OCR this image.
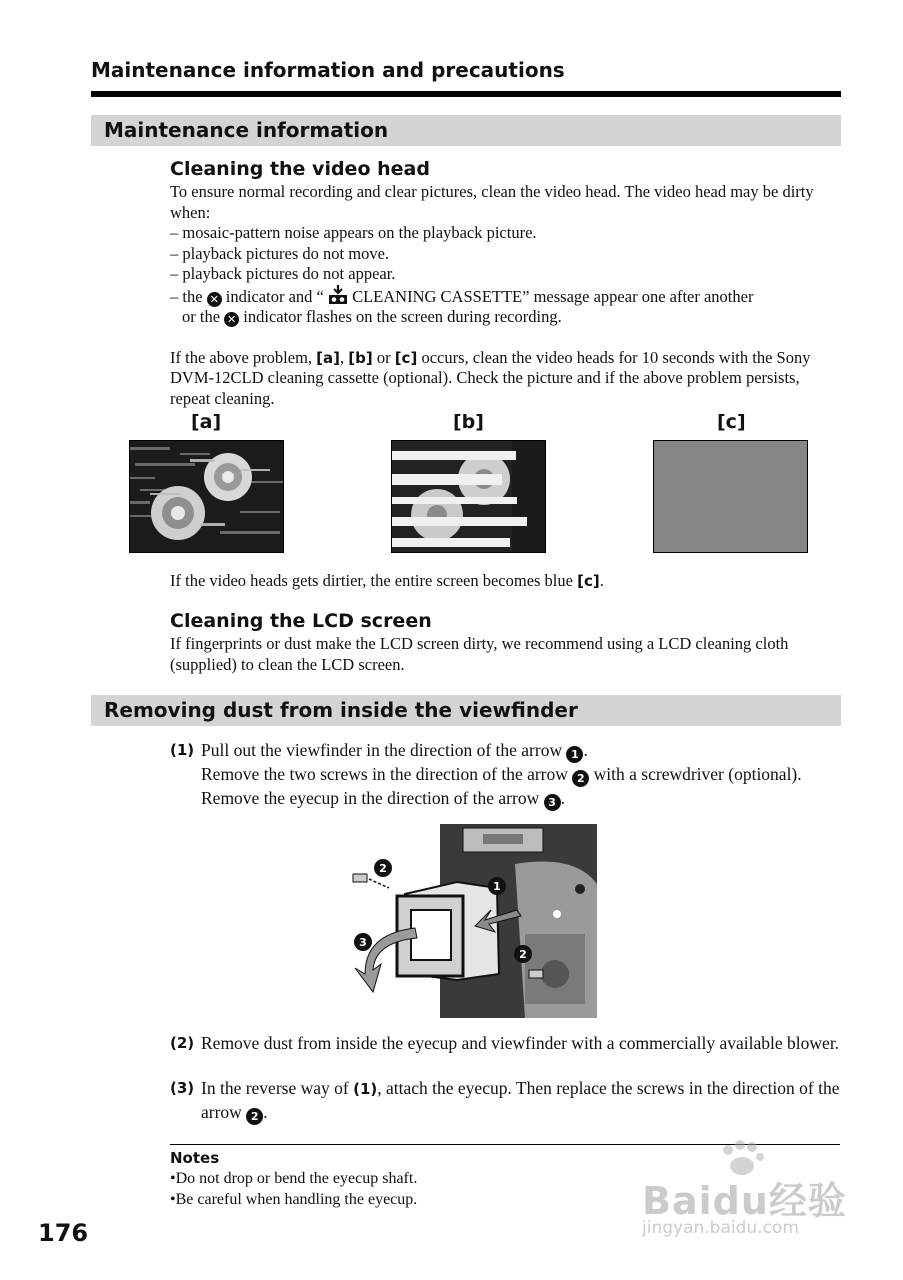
Maintenance information and precautions
Maintenance information
Cleaning the video head

To ensure normal recording and clear pictures, clean the video head. The video head may be dirty when:

– mosaic-pattern noise appears on the playback picture.

– playback pictures do not move.

– playback pictures do not appear.

– the ✕ indicator and “  CLEANING CASSETTE” message appear one after another

or the ✕ indicator flashes on the screen during recording.

If the above problem, [a], [b] or [c] occurs, clean the video heads for 10 seconds with the Sony DVM-12CLD cleaning cassette (optional). Check the picture and if the above problem persists, repeat cleaning.

[a]	[b]	[c]

If the video heads gets dirtier, the entire screen becomes blue [c].

Cleaning the LCD screen
If fingerprints or dust make the LCD screen dirty, we recommend using a LCD cleaning cloth (supplied) to clean the LCD screen.
Removing dust from inside the viewfinder
(1) Pull out the viewfinder in the direction of the arrow 1 .

Remove the two screws in the direction of the arrow 2 with a screwdriver (optional). Remove the eyecup in the direction of the arrow 3 .

2
1
3
2
(2) Remove dust from inside the eyecup and viewfinder with a commercially available blower.
(3) In the reverse way of (1), attach the eyecup. Then replace the screws in the direction of the arrow 2 .

Notes
•Do not drop or bend the eyecup shaft.
•Be careful when handling the eyecup.
176
Baidu经验
jingyan.baidu.com
